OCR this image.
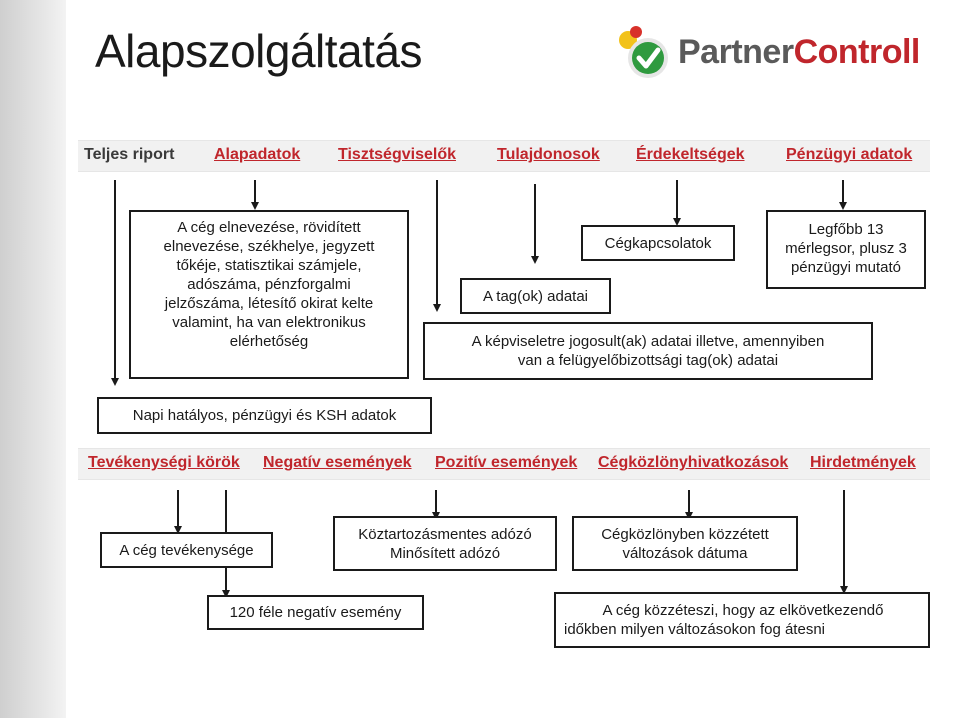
Alapszolgáltatás	PartnerControll
Teljes riport Alapadatok Tisztségviselők	Tulajdonosok Érdekeltségek	Pénzügyi adatok
Tevékenységi körök Negatív események Pozitív események Cégközlönyhivatkozások Hirdetmények
A cég elnevezése, rövidített
elnevezése, székhelye, jegyzett
tőkéje, statisztikai számjele,
adószáma, pénzforgalmi
jelzőszáma, létesítő okirat kelte
valamint, ha van elektronikus
elérhetőség	A képviseletre jogosult(ak) adatai illetve, amennyiben
van a felügyelőbizottsági tag(ok) adatai
A tag(ok) adatai
Cégkapcsolatok
Legfőbb 13
mérlegsor, plusz 3
pénzügyi mutató
Napi hatályos, pénzügyi és KSH adatok
A cég tevékenysége
Köztartozásmentes adózó
Minősített adózó
Cégközlönyben közzétett
változások dátuma
120 féle negatív esemény	A cég közzéteszi, hogy az elkövetkezendő
időkben milyen változásokon fog átesni
